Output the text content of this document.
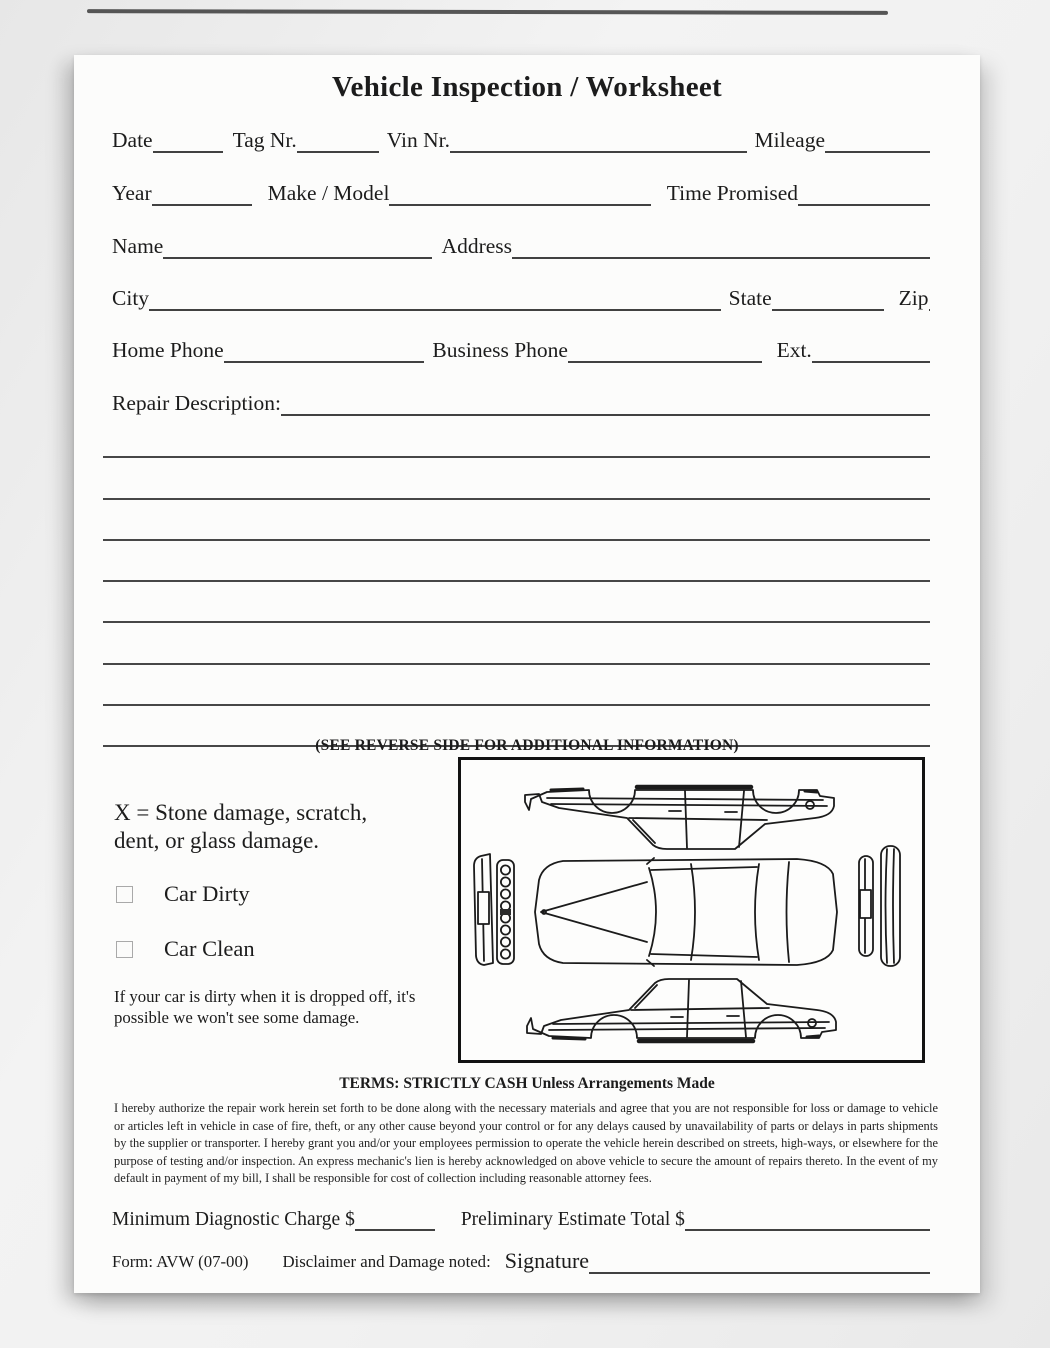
Vehicle Inspection / Worksheet
Date	Tag Nr.	Vin Nr.	Mileage
Year	Make / Model	Time Promised
Name	Address
City	State	Zip
Home Phone	Business Phone	Ext.
Repair Description:
(SEE REVERSE SIDE FOR ADDITIONAL INFORMATION)
X = Stone damage, scratch, dent, or glass damage.
Car Dirty
Car Clean
If your car is dirty when it is dropped off, it's possible we won't see some damage.
TERMS: STRICTLY CASH Unless Arrangements Made

I hereby authorize the repair work herein set forth to be done along with the necessary materials and agree that you are not responsible for loss or damage to vehicle or articles left in vehicle in case of fire, theft, or any other cause beyond your control or for any delays caused by unavailability of parts or delays in parts shipments by the supplier or transporter. I hereby grant you and/or your employees permission to operate the vehicle herein described on streets, high-ways, or elsewhere for the purpose of testing and/or inspection. An express mechanic's lien is hereby acknowledged on above vehicle to secure the amount of repairs thereto. In the event of my default in payment of my bill, I shall be responsible for cost of collection including reasonable attorney fees.

Minimum Diagnostic Charge $	Preliminary Estimate Total $
Form: AVW (07-00) Disclaimer and Damage noted: Signature
